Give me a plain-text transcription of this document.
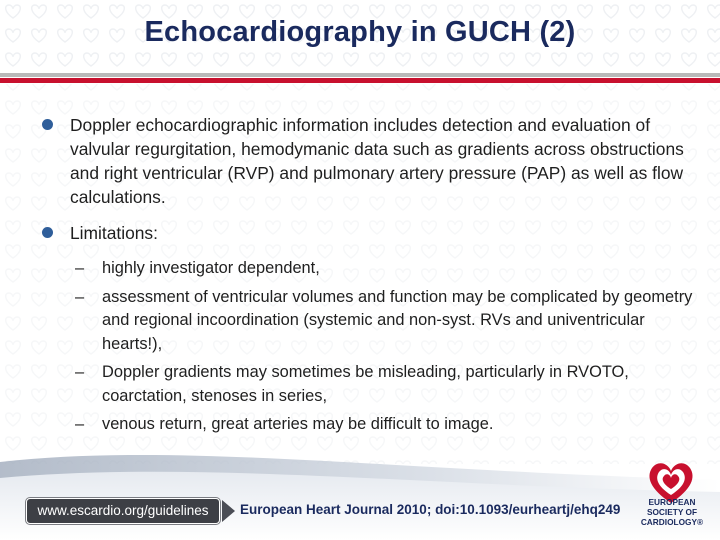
Echocardiography in GUCH (2)
Doppler echocardiographic information includes detection and evaluation of valvular regurgitation, hemodymanic data such as gradients across obstructions and right ventricular (RVP) and pulmonary artery pressure (PAP) as well as flow calculations.
Limitations:
– highly investigator dependent,
– assessment of ventricular volumes and function may be complicated by geometry and regional incoordination (systemic and non-syst. RVs and univentricular hearts!),
– Doppler gradients may sometimes be misleading, particularly in RVOTO, coarctation, stenoses in series,
– venous return, great arteries may be difficult to image.
www.escardio.org/guidelines	European Heart Journal 2010; doi:10.1093/eurheartj/ehq249	EUROPEAN
SOCIETY OF
CARDIOLOGY®
